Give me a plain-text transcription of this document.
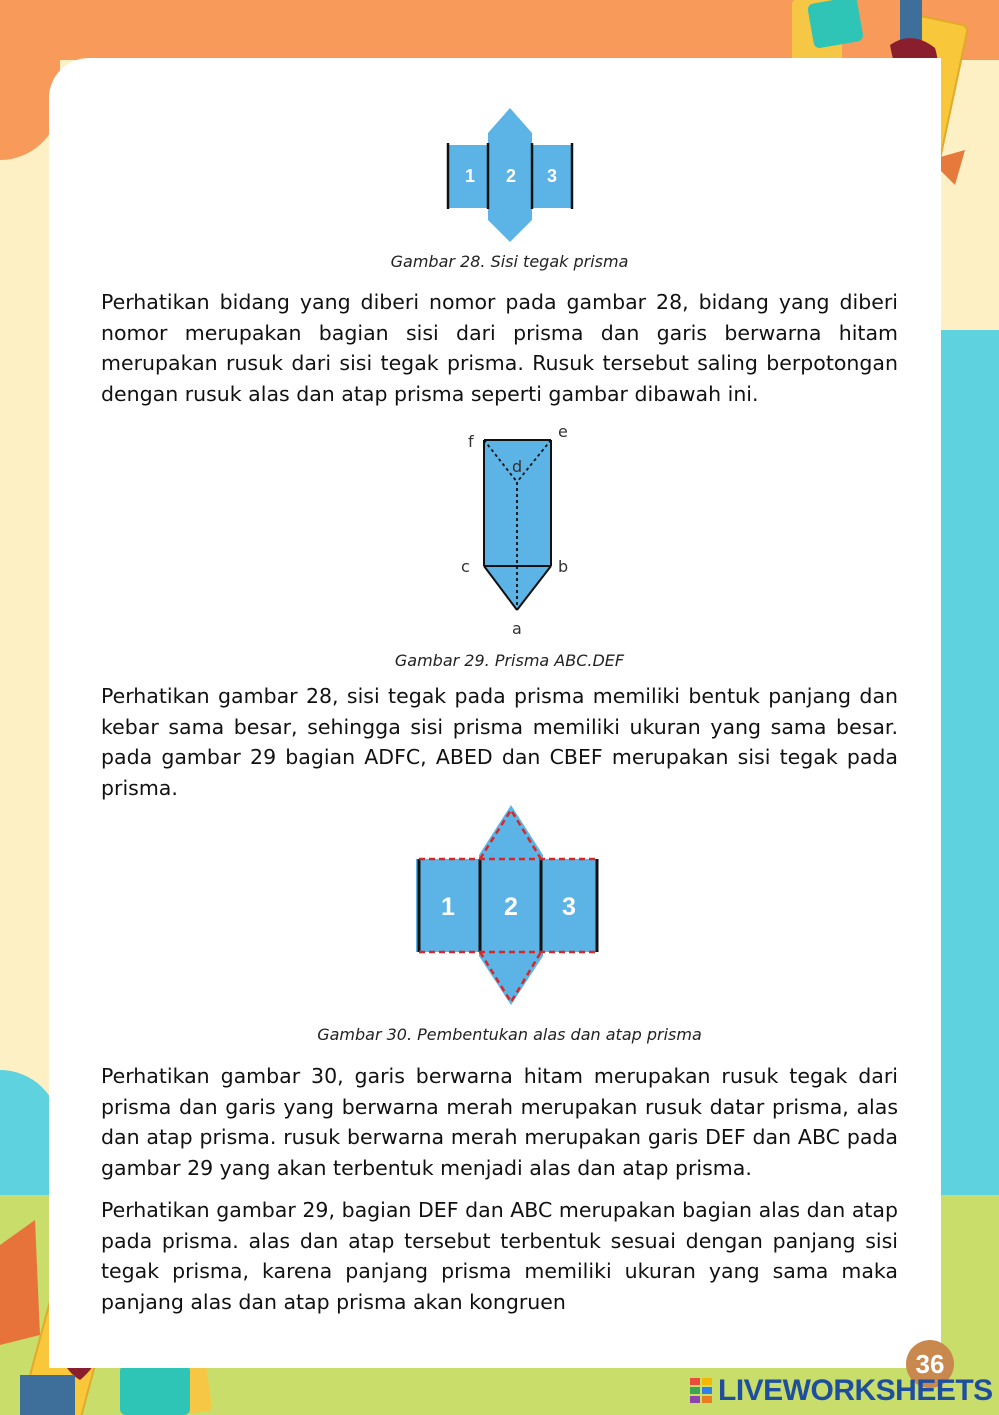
1 2 3
Gambar 28. Sisi tegak prisma

Perhatikan bidang yang diberi nomor pada gambar 28, bidang yang diberi nomor merupakan bagian sisi dari prisma dan garis berwarna hitam merupakan rusuk dari sisi tegak prisma. Rusuk tersebut saling berpotongan dengan rusuk alas dan atap prisma seperti gambar dibawah ini.

f
e
d
c	b
a
Gambar 29. Prisma ABC.DEF

Perhatikan gambar 28, sisi tegak pada prisma memiliki bentuk panjang dan kebar sama besar, sehingga sisi prisma memiliki ukuran yang sama besar. pada gambar 29 bagian ADFC, ABED dan CBEF merupakan sisi tegak pada prisma.

1 2 3
Gambar 30. Pembentukan alas dan atap prisma

Perhatikan gambar 30, garis berwarna hitam merupakan rusuk tegak dari prisma dan garis yang berwarna merah merupakan rusuk datar prisma, alas dan atap prisma. rusuk berwarna merah merupakan garis DEF dan ABC pada gambar 29 yang akan terbentuk menjadi alas dan atap prisma.

Perhatikan gambar 29, bagian DEF dan ABC merupakan bagian alas dan atap pada prisma. alas dan atap tersebut terbentuk sesuai dengan panjang sisi tegak prisma, karena panjang prisma memiliki ukuran yang sama maka panjang alas dan atap prisma akan kongruen

36
LIVEWORKSHEETS
